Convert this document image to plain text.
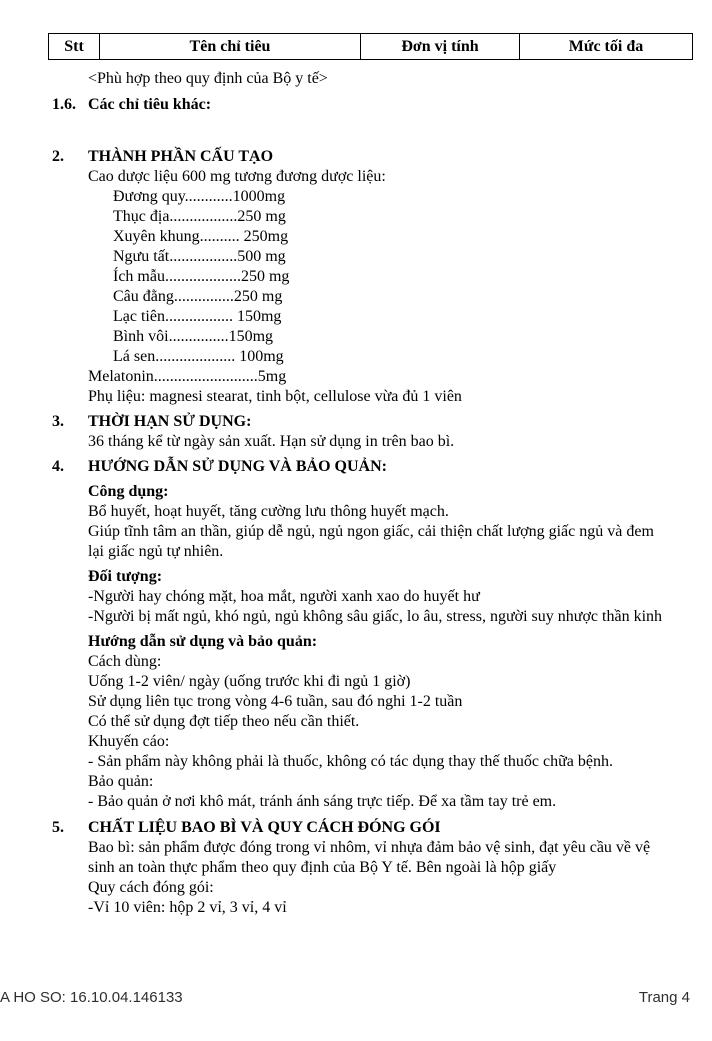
Stt	Tên chỉ tiêu	Đơn vị tính	Mức tối đa
<Phù hợp theo quy định của Bộ y tế>
1.6. Các chỉ tiêu khác:
2.	THÀNH PHẦN CẤU TẠO
Cao dược liệu 600 mg tương đương dược liệu:
Đương quy............1000mg
Thục địa.................250 mg
Xuyên khung.......... 250mg
Ngưu tất.................500 mg
Ích mẫu...................250 mg
Câu đằng...............250 mg
Lạc tiên................. 150mg
Bình vôi...............150mg
Lá sen.................... 100mg
Melatonin..........................5mg
Phụ liệu: magnesi stearat, tinh bột, cellulose vừa đủ 1 viên
3.	THỜI HẠN SỬ DỤNG:
36 tháng kể từ ngày sản xuất. Hạn sử dụng in trên bao bì.
4.	HƯỚNG DẪN SỬ DỤNG VÀ BẢO QUẢN:
Công dụng:
Bổ huyết, hoạt huyết, tăng cường lưu thông huyết mạch.
Giúp tĩnh tâm an thần, giúp dễ ngủ, ngủ ngon giấc, cải thiện chất lượng giấc ngủ và đem lại giấc ngủ tự nhiên.
Đối tượng:
-Người hay chóng mặt, hoa mắt, người xanh xao do huyết hư
-Người bị mất ngủ, khó ngủ, ngủ không sâu giấc, lo âu, stress, người suy nhược thần kinh
Hướng dẫn sử dụng và bảo quản:
Cách dùng:
Uống 1-2 viên/ ngày (uống trước khi đi ngủ 1 giờ)
Sử dụng liên tục trong vòng 4-6 tuần, sau đó nghi 1-2 tuần
Có thể sử dụng đợt tiếp theo nếu cần thiết.
Khuyến cáo:
- Sản phẩm này không phải là thuốc, không có tác dụng thay thế thuốc chữa bệnh.
Bảo quản:
- Bảo quản ở nơi khô mát, tránh ánh sáng trực tiếp. Để xa tầm tay trẻ em.
5.	CHẤT LIỆU BAO BÌ VÀ QUY CÁCH ĐÓNG GÓI
Bao bì: sản phẩm được đóng trong vỉ nhôm, vỉ nhựa đảm bảo vệ sinh, đạt yêu cầu về vệ sinh an toàn thực phẩm theo quy định của Bộ Y tế. Bên ngoài là hộp giấy
Quy cách đóng gói:
-Vỉ 10 viên: hộp 2 vỉ, 3 vỉ, 4 vỉ
A HO SO: 16.10.04.146133	Trang 4
